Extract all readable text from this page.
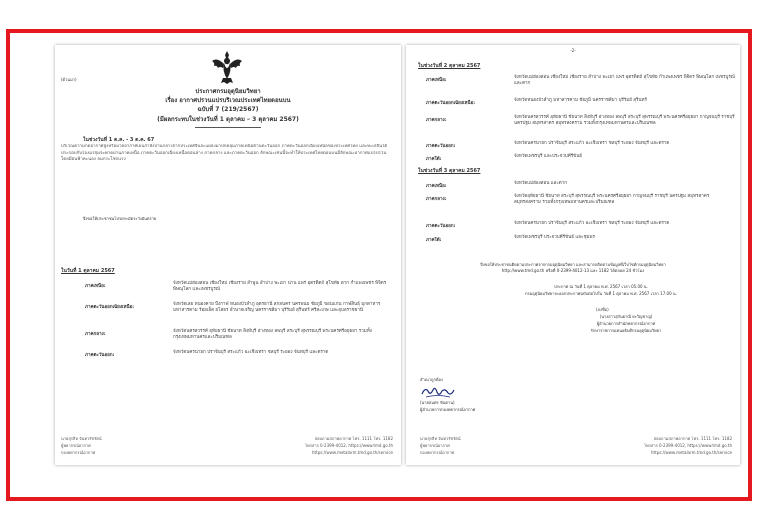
(ด้วนมา)
ประกาศกรมอุตุนิยมวิทยา
เรื่อง อากาศปรวนแปรบริเวณประเทศไทยตอนบน
ฉบับที่ 7 (219/2567)
(มีผลกระทบในช่วงวันที่ 1 ตุลาคม – 3 ตุลาคม 2567)
ในช่วงวันที่ 1 ต.ค. - 3 ต.ค. 67
บริเวณความกดอากาศสูงหรือมวลอากาศเย็นกำลังปานกลางจากประเทศจีนจะแผ่ลงมาปกคลุมภาคเหนือด้านตะวันออก ภาคตะวันออกเฉียงเหนือของประเทศไทย และทะเลจีนใต้ ประกอบกับร่องมรสุมจะพาดผ่านภาคเหนือ ภาคตะวันออกเฉียงเหนือตอนล่าง ภาคกลาง และภาคตะวันออก ลักษณะเช่นนี้จะทำให้ประเทศไทยตอนบนมีลักษณะอากาศแปรปรวน โดยมีฝนฟ้าคะนอง ลมกระโชกแรง
จึงขอให้ประชาชนโปรดระมัดระวังอันตราย
ในวันที่ 1 ตุลาคม 2567
ภาคเหนือ:
จังหวัดแม่ฮ่องสอน เชียงใหม่ เชียงราย ลำพูน ลำปาง พะเยา น่าน แพร่ อุตรดิตถ์ สุโขทัย ตาก กำแพงเพชร พิจิตร พิษณุโลก และเพชรบูรณ์
ภาคตะวันออกเฉียงเหนือ:
จังหวัดเลย หนองคาย บึงกาฬ หนองบัวลำภู อุดรธานี สกลนคร นครพนม ชัยภูมิ ขอนแก่น กาฬสินธุ์ มุกดาหาร มหาสารคาม ร้อยเอ็ด ยโสธร อำนาจเจริญ นครราชสีมา บุรีรัมย์ สุรินทร์ ศรีสะเกษ และอุบลราชธานี
ภาคกลาง:
จังหวัดนครสวรรค์ อุทัยธานี ชัยนาท สิงห์บุรี อ่างทอง ลพบุรี สระบุรี สุพรรณบุรี พระนครศรีอยุธยา รวมทั้งกรุงเทพมหานครและปริมณฑล
ภาคตะวันออก:
จังหวัดนครนายก ปราจีนบุรี สระแก้ว ฉะเชิงเทรา ชลบุรี ระยอง จันทบุรี และตราด
นายสุรสิห จันทวรัชรัตน์
ผู้พยากรณ์อากาศ
กองพยากรณ์อากาศ
สอบถามสภาพอากาศ โทร. 1111 โทร. 1182
โทรสาร 0-2399-4012, https://www.tmd.go.th
https://www.metalarm.tmd.go.th/service
-2-
ในช่วงวันที่ 2 ตุลาคม 2567
ภาคเหนือ:
จังหวัดแม่ฮ่องสอน เชียงใหม่ เชียงราย ลำปาง พะเยา แพร่ อุตรดิตถ์ สุโขทัย กำแพงเพชร พิจิตร พิษณุโลก เพชรบูรณ์ และตาก
ภาคตะวันออกเฉียงเหนือ:
จังหวัดหนองบัวลำภู มหาสารคาม ชัยภูมิ นครราชสีมา บุรีรัมย์ สุรินทร์
ภาคกลาง:
จังหวัดนครสวรรค์ อุทัยธานี ชัยนาท สิงห์บุรี อ่างทอง ลพบุรี สระบุรี สุพรรณบุรี พระนครศรีอยุธยา กาญจนบุรี ราชบุรี นครปฐม สมุทรสาคร สมุทรสงคราม รวมทั้งกรุงเทพมหานครและปริมณฑล
ภาคตะวันออก:
จังหวัดนครนายก ปราจีนบุรี สระแก้ว ฉะเชิงเทรา ชลบุรี ระยอง จันทบุรี และตราด
ภาคใต้:
จังหวัดเพชรบุรี และประจวบคีรีขันธ์
ในช่วงวันที่ 3 ตุลาคม 2567
ภาคเหนือ:
จังหวัดแม่ฮ่องสอน และตาก
ภาคกลาง:
จังหวัดอุทัยธานี ชัยนาท สระบุรี สุพรรณบุรี พระนครศรีอยุธยา กาญจนบุรี ราชบุรี นครปฐม สมุทรสาคร สมุทรสงคราม รวมทั้งกรุงเทพมหานครและปริมณฑล
ภาคตะวันออก:
จังหวัดนครนายก ปราจีนบุรี สระแก้ว ฉะเชิงเทรา ชลบุรี ระยอง จันทบุรี และตราด
ภาคใต้:
จังหวัดเพชรบุรี ประจวบคีรีขันธ์ และชุมพร
จึงขอให้ประชาชนติดตามประกาศจากกรมอุตุนิยมวิทยา และสามารถติดตามข้อมูลที่เว็บไซต์กรมอุตุนิยมวิทยา
http://www.tmd.go.th หรือที่ 0-2399-4012-13 และ 1182 ได้ตลอด 24 ชั่วโมง
ประกาศ ณ วันที่ 1 ตุลาคม พ.ศ. 2567 เวลา 05.00 น.
กรมอุตุนิยมวิทยาจะออกประกาศฉบับต่อไปใน วันที่ 1 ตุลาคม พ.ศ. 2567 เวลา 17.00 น.
(ลงชื่อ)
(นางสาวสุกันยาณี ยะวิญชาญ)
ผู้อำนวยการสำนักพยากรณ์อากาศ
รักษาราชการแทนอธิบดีกรมอุตุนิยมวิทยา
สำเนาถูกต้อง
(นายสมศร ขันตาน)
ผู้อำนวยการกองพยากรณ์อากาศ
นายสุรสิห จันทวรัชรัตน์
ผู้พยากรณ์อากาศ
กองพยากรณ์อากาศ
สอบถามสภาพอากาศ โทร. 1111 โทร. 1182
โทรสาร 0-2399-4012, https://www.tmd.go.th
https://www.metalarm.tmd.go.th/service
